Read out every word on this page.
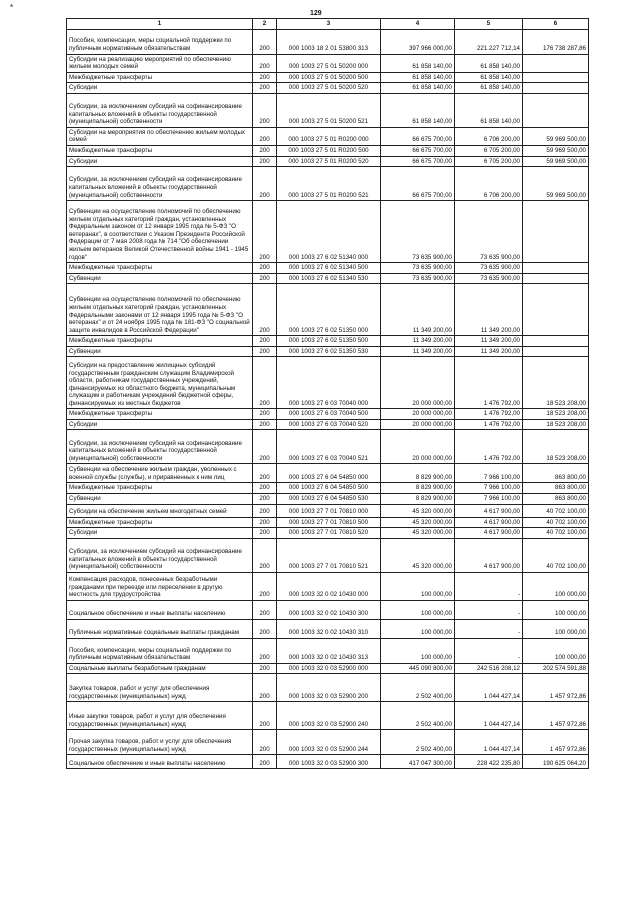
*
129
1	2	3	4	5	6
Пособия, компенсации, меры социальной поддержки по публичным нормативным обязательствам	200	000 1003 18 2 01 53800 313	397 966 000,00	221 227 712,14	176 738 287,86
Субсидии на реализацию мероприятий по обеспечению жильем молодых семей	200	000 1003 27 5 01 50200 000	61 858 140,00	61 858 140,00	
Межбюджетные трансферты	200	000 1003 27 5 01 50200 500	61 858 140,00	61 858 140,00	
Субсидии	200	000 1003 27 5 01 50200 520	61 858 140,00	61 858 140,00	
Субсидии, за исключением субсидий на софинансирование капитальных вложений в объекты государственной (муниципальной) собственности	200	000 1003 27 5 01 50200 521	61 858 140,00	61 858 140,00	
Субсидии на мероприятия по обеспечению жильем молодых семей	200	000 1003 27 5 01 R0200 000	66 675 700,00	6 706 200,00	59 969 500,00
Межбюджетные трансферты	200	000 1003 27 5 01 R0200 500	66 675 700,00	6 705 200,00	59 969 500,00
Субсидии	200	000 1003 27 5 01 R0200 520	66 675 700,00	6 705 200,00	59 969 500,00
Субсидии, за исключением субсидий на софинансирование капитальных вложений в объекты государственной (муниципальной) собственности	200	000 1003 27 5 01 R0200 521	66 675 700,00	6 706 200,00	59 969 500,00
Субвенции на осуществление полномочий по обеспечению жильем отдельных категорий граждан, установленных Федеральным законом от 12 января 1995 года № 5-ФЗ "О ветеранах", в соответствии с Указом Президента Российской Федерации от 7 мая 2008 года № 714 "Об обеспечении жильем ветеранов Великой Отечественной войны 1941 - 1945 годов"	200	000 1003 27 6 02 51340 000	73 635 900,00	73 635 900,00	
Межбюджетные трансферты	200	000 1003 27 6 02 51340 500	73 635 900,00	73 635 900,00	
Субвенции	200	000 1003 27 6 02 51340 530	73 635 900,00	73 635 900,00	
Субвенции на осуществление полномочий по обеспечению жильем отдельных категорий граждан, установленных Федеральными законами от 12 января 1995 года № 5-ФЗ "О ветеранах" и от 24 ноября 1995 года № 181-ФЗ "О социальной защите инвалидов в Российской Федерации"	200	000 1003 27 6 02 51350 000	11 349 200,00	11 349 200,00	
Межбюджетные трансферты	200	000 1003 27 6 02 51350 500	11 349 200,00	11 349 200,00	
Субвенции	200	000 1003 27 6 02 51350 530	11 349 200,00	11 349 200,00	
Субсидии на предоставление жилищных субсидий государственным гражданским служащим Владимирской области, работникам государственных учреждений, финансируемых из областного бюджета, муниципальным служащим и работникам учреждений бюджетной сферы, финансируемых из местных бюджетов	200	000 1003 27 6 03 70040 000	20 000 000,00	1 476 792,00	18 523 208,00
Межбюджетные трансферты	200	000 1003 27 6 03 70040 500	20 000 000,00	1 476 792,00	18 523 208,00
Субсидии	200	000 1003 27 6 03 70040 520	20 000 000,00	1 476 792,00	18 523 208,00
Субсидии, за исключением субсидий на софинансирование капитальных вложений в объекты государственной (муниципальной) собственности	200	000 1003 27 6 03 70040 521	20 000 000,00	1 476 792,00	18 523 208,00
Субвенции на обеспечение жильем граждан, уволенных с военной службы (службы), и приравненных к ним лиц	200	000 1003 27 6 04 54850 000	8 829 900,00	7 966 100,00	863 800,00
Межбюджетные трансферты	200	000 1003 27 6 04 54850 500	8 829 900,00	7 966 100,00	863 800,00
Субвенции	200	000 1003 27 6 04 54850 530	8 829 900,00	7 966 100,00	863 800,00
Субсидии на обеспечение жильем многодетных семей	200	000 1003 27 7 01 70810 000	45 320 000,00	4 617 900,00	40 702 100,00
Межбюджетные трансферты	200	000 1003 27 7 01 70810 500	45 320 000,00	4 617 900,00	40 702 100,00
Субсидии	200	000 1003 27 7 01 70810 520	45 320 000,00	4 617 900,00	40 702 100,00
Субсидии, за исключением субсидий на софинансирование капитальных вложений в объекты государственной (муниципальной) собственности	200	000 1003 27 7 01 70810 521	45 320 000,00	4 617 900,00	40 702 100,00
Компенсация расходов, понесенных безработными гражданами при переезде или переселении в другую местность для трудоустройства	200	000 1003 32 0 02 10430 000	100 000,00	-	100 000,00
Социальное обеспечение и иные выплаты населению	200	000 1003 32 0 02 10430 300	100 000,00	-	100 000,00
Публичные нормативные социальные выплаты гражданам	200	000 1003 32 0 02 10430 310	100 000,00	-	100 000,00
Пособия, компенсации, меры социальной поддержки по публичным нормативным обязательствам	200	000 1003 32 0 02 10430 313	100 000,00	-	100 000,00
Социальные выплаты безработным гражданам	200	000 1003 32 0 03 52900 000	445 090 800,00	242 516 208,12	202 574 591,88
Закупка товаров, работ и услуг для обеспечения государственных (муниципальных) нужд	200	000 1003 32 0 03 52900 200	2 502 400,00	1 044 427,14	1 457 972,86
Иные закупки товаров, работ и услуг для обеспечения государственных (муниципальных) нужд	200	000 1003 32 0 03 52900 240	2 502 400,00	1 044 427,14	1 457 972,86
Прочая закупка товаров, работ и услуг для обеспечения государственных (муниципальных) нужд	200	000 1003 32 0 03 52900 244	2 502 400,00	1 044 427,14	1 457 972,86
Социальное обеспечение и иные выплаты населению	200	000 1003 32 0 03 52900 300	417 047 300,00	228 422 235,80	190 625 064,20
